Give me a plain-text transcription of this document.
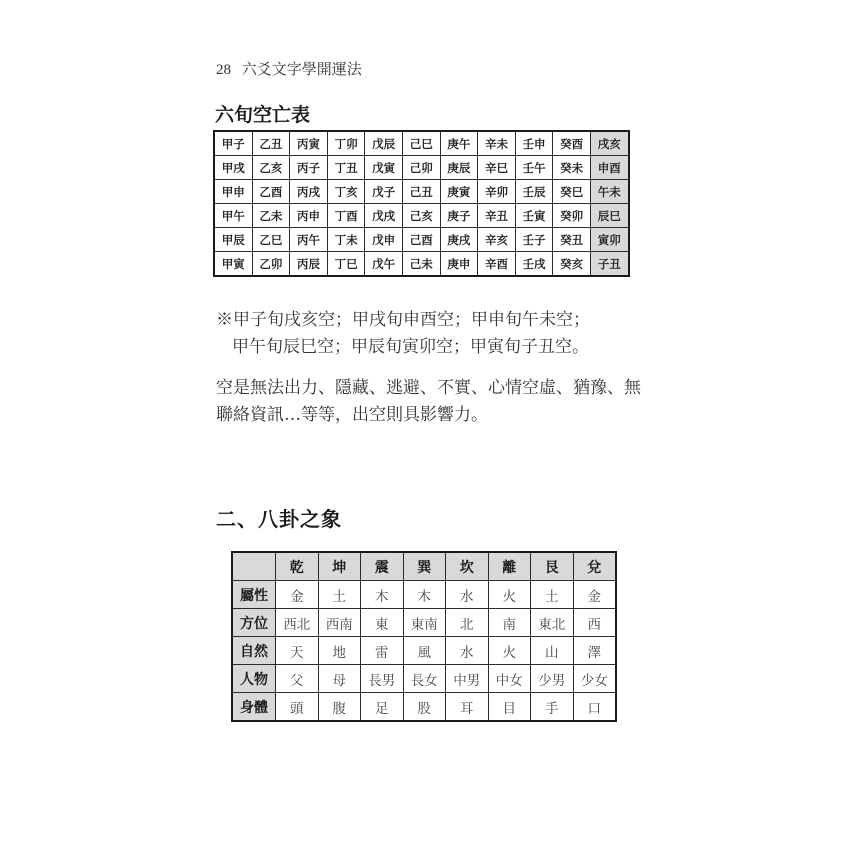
28 六爻文字學開運法
六旬空亡表
甲子	乙丑	丙寅	丁卯	戊辰	己巳	庚午	辛未	壬申	癸酉	戌亥
甲戌	乙亥	丙子	丁丑	戊寅	己卯	庚辰	辛巳	壬午	癸未	申酉
甲申	乙酉	丙戌	丁亥	戊子	己丑	庚寅	辛卯	壬辰	癸巳	午未
甲午	乙未	丙申	丁酉	戊戌	己亥	庚子	辛丑	壬寅	癸卯	辰巳
甲辰	乙巳	丙午	丁未	戊申	己酉	庚戌	辛亥	壬子	癸丑	寅卯
甲寅	乙卯	丙辰	丁巳	戊午	己未	庚申	辛酉	壬戌	癸亥	子丑
※甲子旬戌亥空；甲戌旬申酉空；甲申旬午未空；
甲午旬辰巳空；甲辰旬寅卯空；甲寅旬子丑空。
空是無法出力、隱藏、逃避、不實、心情空虛、猶豫、無聯絡資訊…等等，出空則具影響力。
二、八卦之象
	乾	坤	震	巽	坎	離	艮	兌
屬性	金	土	木	木	水	火	土	金
方位	西北	西南	東	東南	北	南	東北	西
自然	天	地	雷	風	水	火	山	澤
人物	父	母	長男	長女	中男	中女	少男	少女
身體	頭	腹	足	股	耳	目	手	口
